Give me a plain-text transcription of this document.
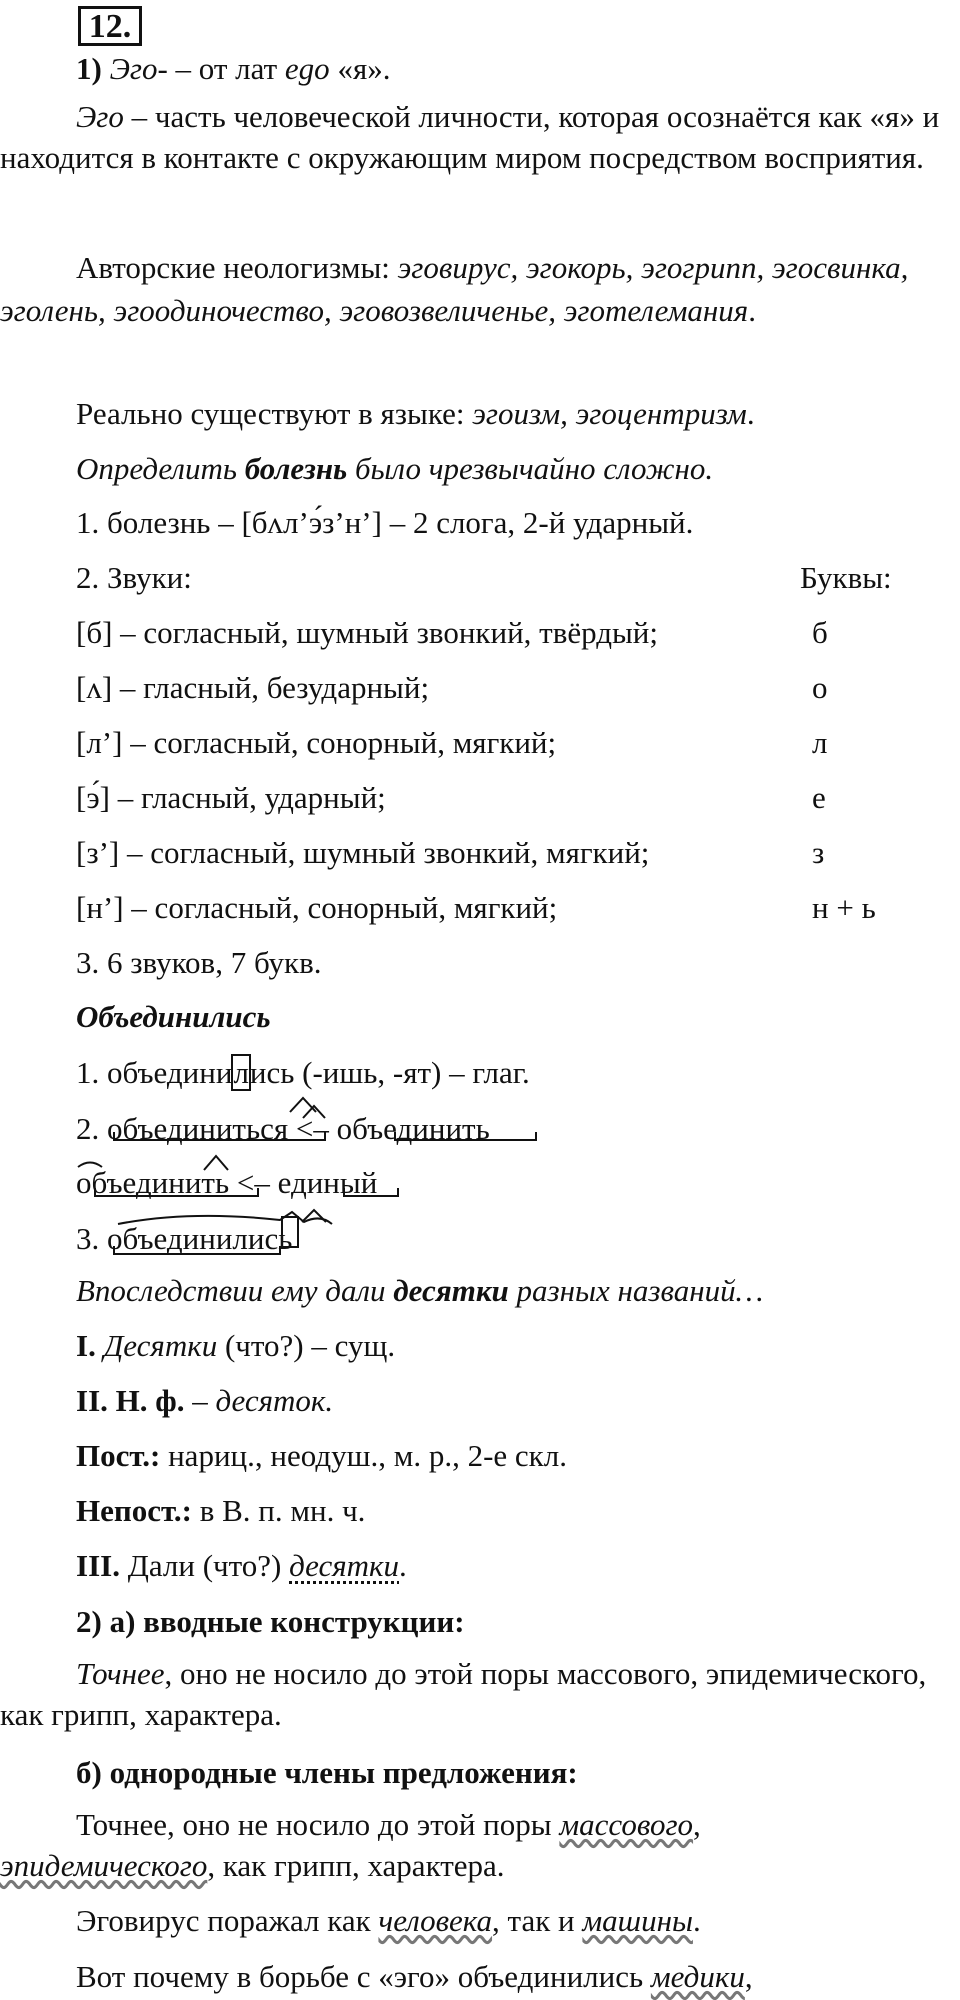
12.

1) Эго- – от лат ego «я».

Эго – часть человеческой личности, которая осознаётся как «я» и находится в контакте с окружающим миром посредством восприятия.

Авторские неологизмы: эговирус, эгокорь, эгогрипп, эгосвинка, эголень, эгоодиночество, эговозвеличенье, эготелемания.

Реально существуют в языке: эгоизм, эгоцентризм.

Определить болезнь было чрезвычайно сложно.

1. болезнь – [бʌл’э́з’н’] – 2 слога, 2-й ударный.

2. Звуки:	Буквы:
[б] – согласный, шумный звонкий, твёрдый;	б
[ʌ] – гласный, безударный;	о
[л’] – согласный, сонорный, мягкий;	л
[э́] – гласный, ударный;	е
[з’] – согласный, шумный звонкий, мягкий;	з
[н’] – согласный, сонорный, мягкий;	н + ь

3. 6 звуков, 7 букв.

Объединились

1. объединились (-ишь, -ят) – глаг.

2. объединиться <– объединить

объединить <– единый

3. объединились

Впоследствии ему дали десятки разных названий…

I. Десятки (что?) – сущ.

II. Н. ф. – десяток.

Пост.: нариц., неодуш., м. р., 2-е скл.

Непост.: в В. п. мн. ч.

III. Дали (что?) десятки.

2) а) вводные конструкции:

Точнее, оно не носило до этой поры массового, эпидемического, как грипп, характера.

б) однородные члены предложения:

Точнее, оно не носило до этой поры массового,

эпидемического, как грипп, характера.

Эговирус поражал как человека, так и машины.

Вот почему в борьбе с «эго» объединились медики,
